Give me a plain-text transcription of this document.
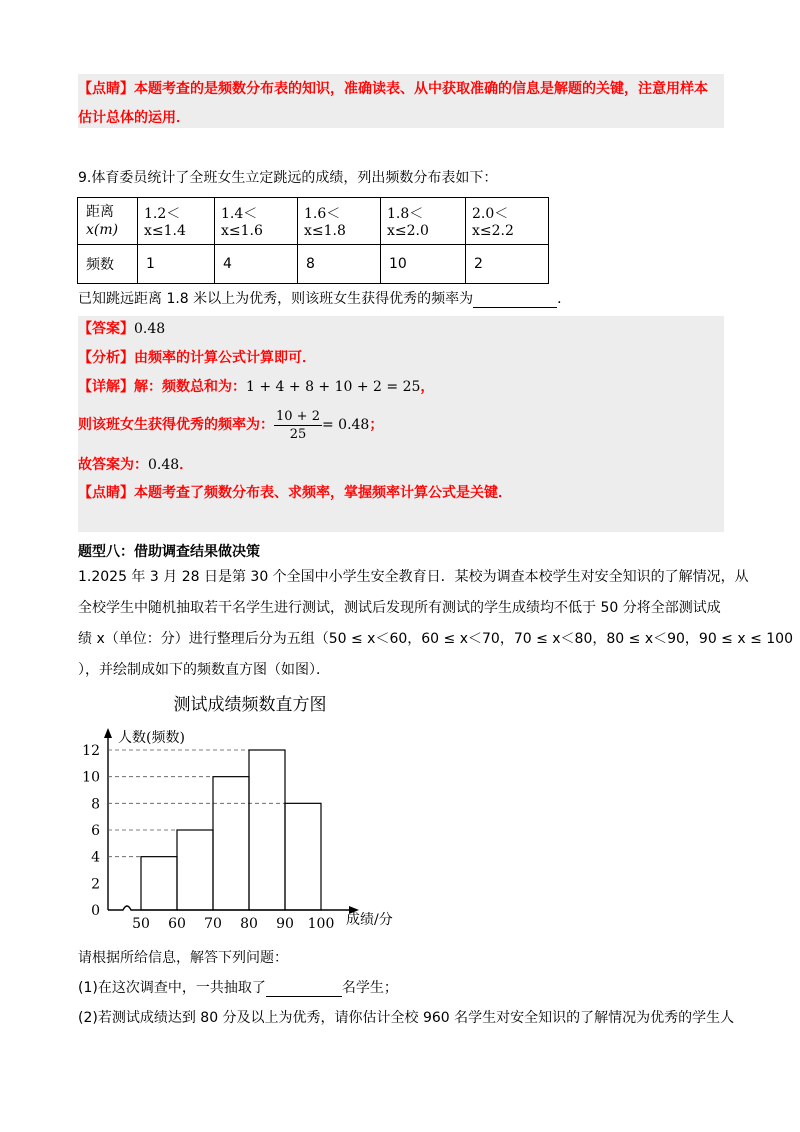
【点睛】本题考查的是频数分布表的知识，准确读表、从中获取准确的信息是解题的关键，注意用样本
估计总体的运用．
9.体育委员统计了全班女生立定跳远的成绩，列出频数分布表如下：
距离
x(m)	1.2＜x≤1.4	1.4＜x≤1.6	1.6＜x≤1.8	1.8＜x≤2.0	2.0＜x≤2.2
频数	1	4	8	10	2
已知跳远距离 1.8 米以上为优秀，则该班女生获得优秀的频率为	．
【答案】0.48
【分析】由频率的计算公式计算即可．
【详解】解：频数总和为：1 + 4 + 8 + 10 + 2 = 25，
则该班女生获得优秀的频率为： $\frac{10 + 2}{25} = 0.48$；
故答案为：0.48．
【点睛】本题考查了频数分布表、求频率，掌握频率计算公式是关键．
题型八：借助调查结果做决策
1.2025 年 3 月 28 日是第 30 个全国中小学生安全教育日．某校为调查本校学生对安全知识的了解情况，从
全校学生中随机抽取若干名学生进行测试，测试后发现所有测试的学生成绩均不低于 50 分将全部测试成
绩 x（单位：分）进行整理后分为五组（50 ≤ x＜60，60 ≤ x＜70，70 ≤ x＜80，80 ≤ x＜90，90 ≤ x ≤ 100
），并绘制成如下的频数直方图（如图）．
测试成绩频数直方图
人数(频数)
成绩/分
0
2
4
6
8
10
12
50 60 70 80 90 100
请根据所给信息，解答下列问题：
(1)在这次调查中，一共抽取了	名学生；
(2)若测试成绩达到 80 分及以上为优秀，请你估计全校 960 名学生对安全知识的了解情况为优秀的学生人
